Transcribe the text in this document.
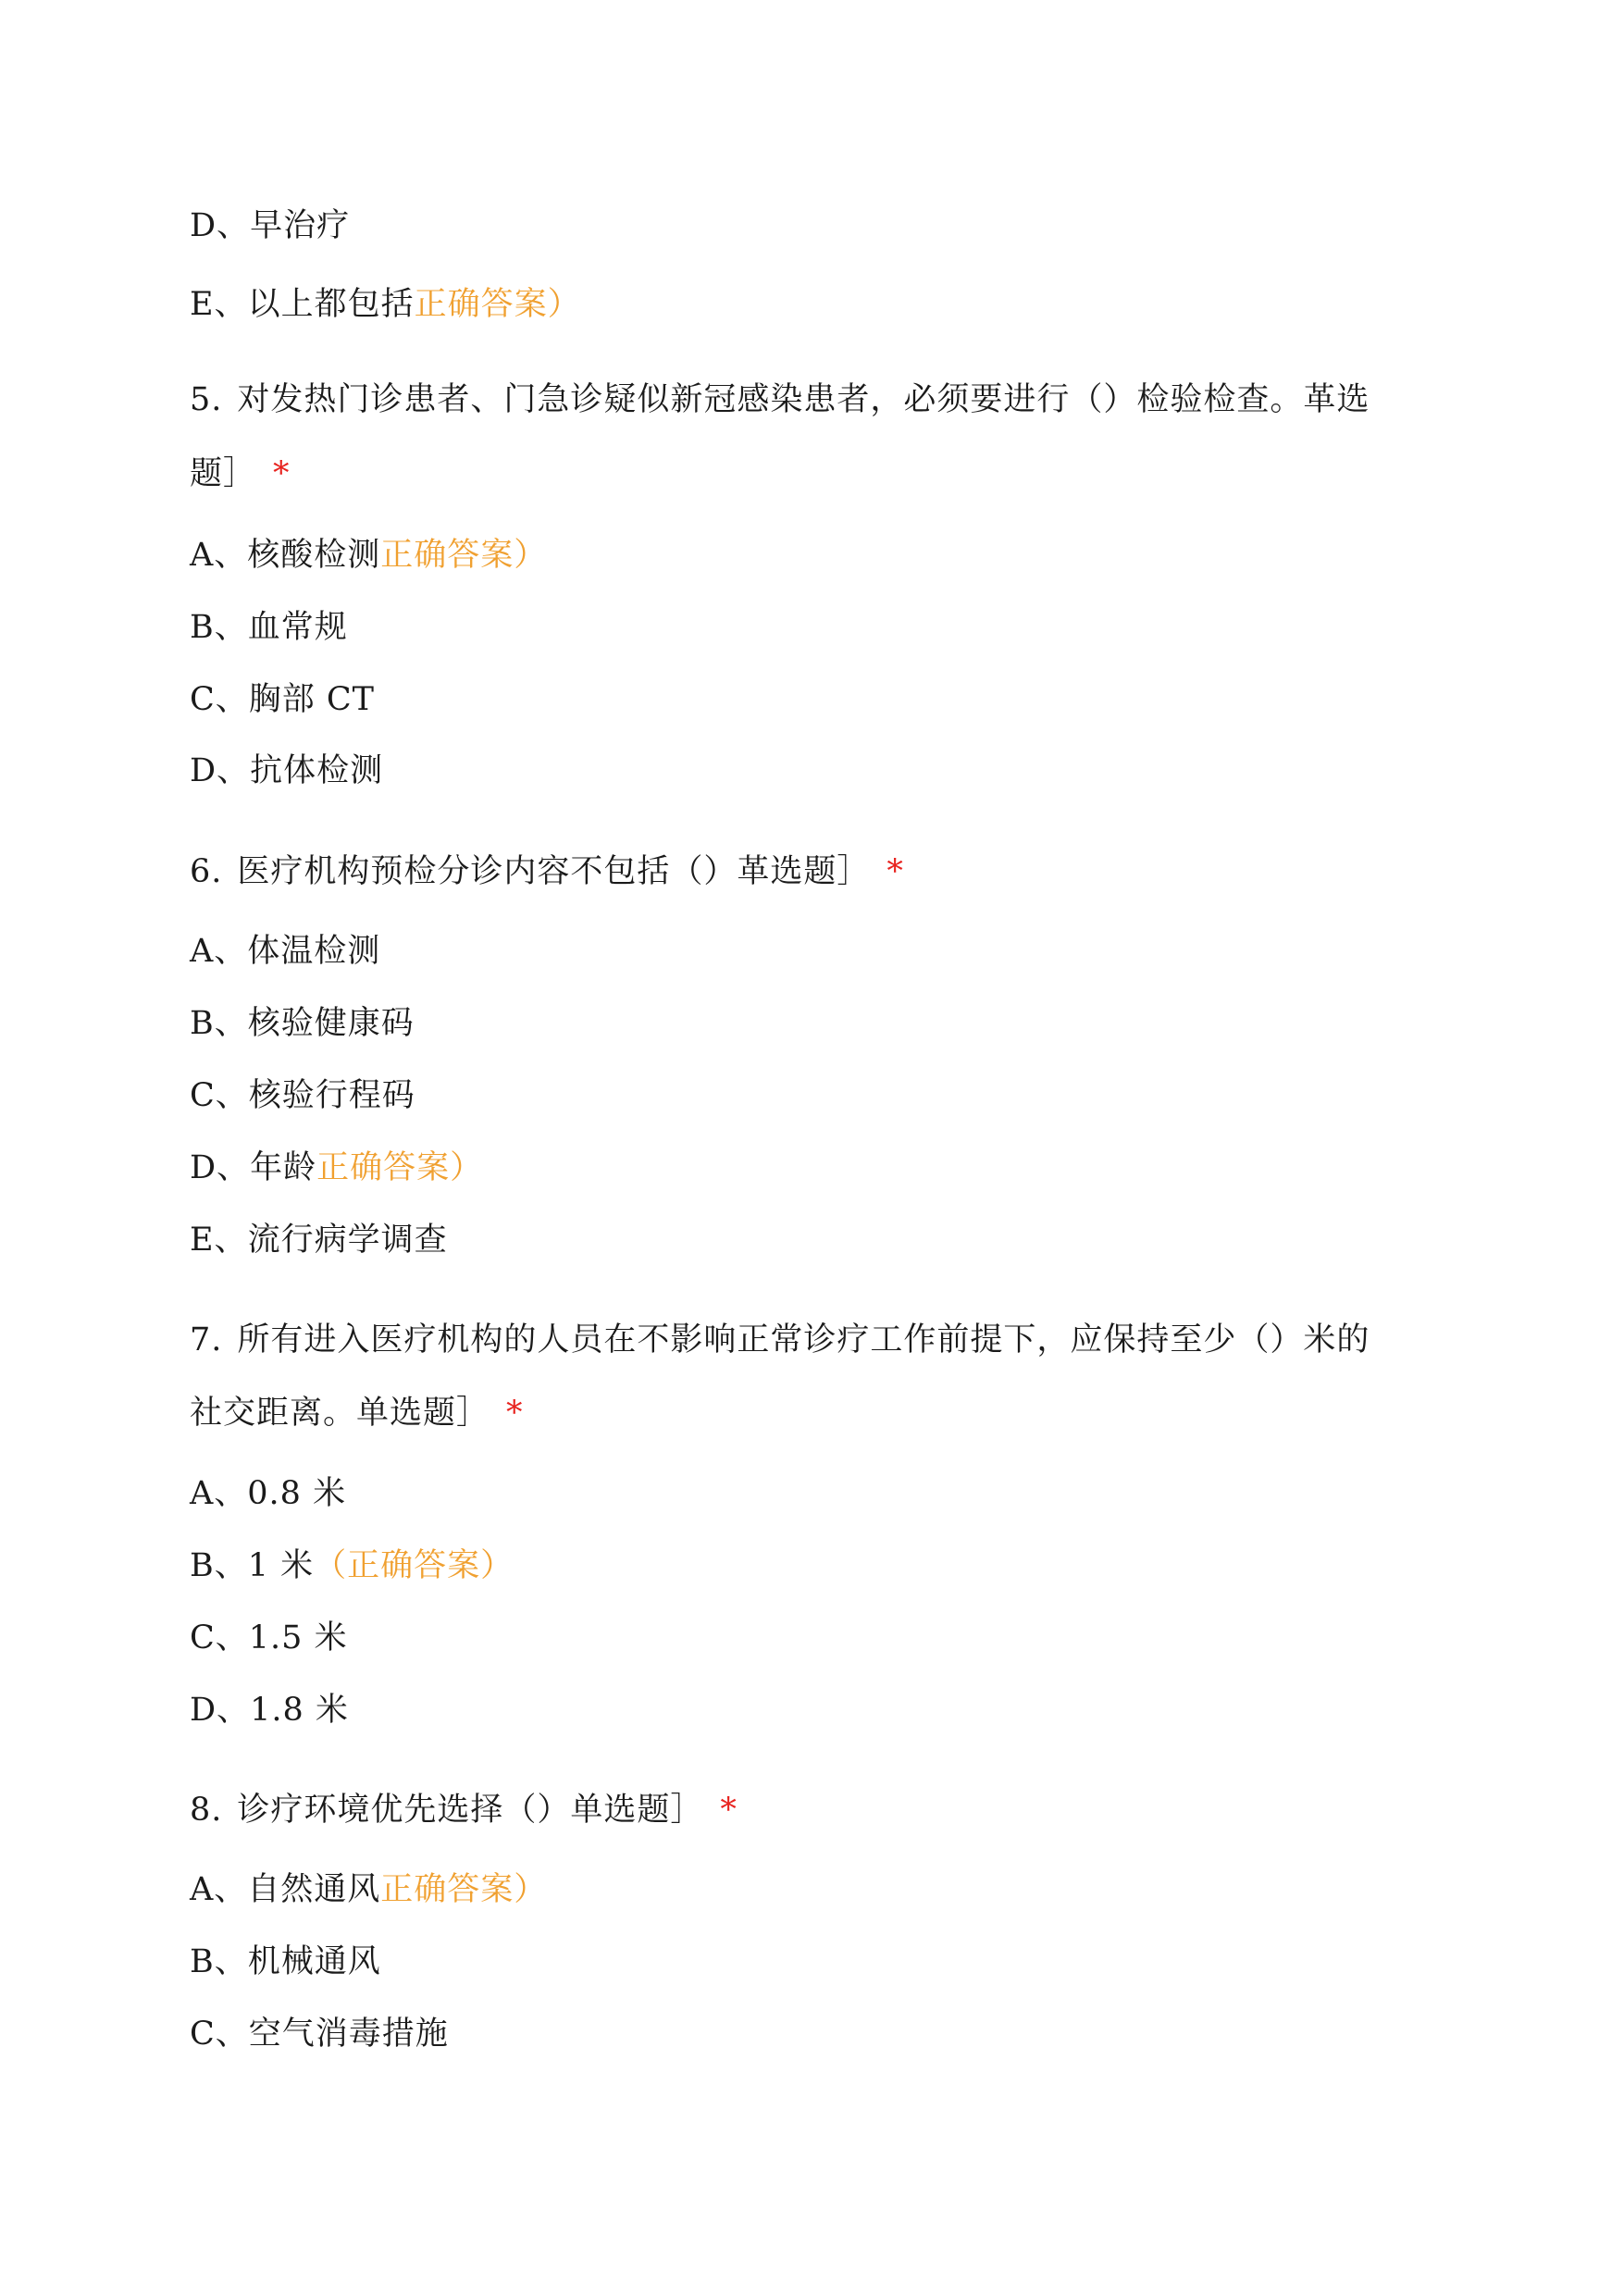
D、早治疗
E、以上都包括正确答案）
5. 对发热门诊患者、门急诊疑似新冠感染患者，必须要进行（）检验检查。革选
题］ *
A、核酸检测正确答案）
B、血常规
C、胸部 CT
D、抗体检测
6. 医疗机构预检分诊内容不包括（）革选题］ *
A、体温检测
B、核验健康码
C、核验行程码
D、年龄正确答案）
E、流行病学调查
7. 所有进入医疗机构的人员在不影响正常诊疗工作前提下，应保持至少（）米的
社交距离。单选题］ *
A、0.8 米
B、1 米（正确答案）
C、1.5 米
D、1.8 米
8. 诊疗环境优先选择（）单选题］ *
A、自然通风正确答案）
B、机械通风
C、空气消毒措施
